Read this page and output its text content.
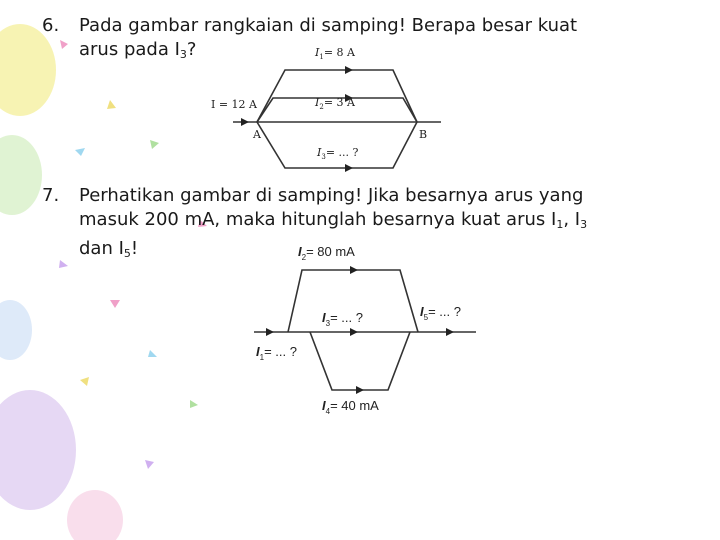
6. Pada gambar rangkaian di samping! Berapa besar kuat
arus pada $I_3$?	$I_1= 8$ A
I = 12 A	$I_2= 3$ A
A	B
$I_3=$ ... ?
7. Perhatikan gambar di samping! Jika besarnya arus yang
masuk 200 mA, maka hitunglah besarnya kuat arus $I_1$, $I_3$
dan $I_5$!	$I_2= 80$ mA
$I_3=$ ... ?	$I_5=$ ... ?
$I_1=$ ... ?
$I_4= 40$ mA
